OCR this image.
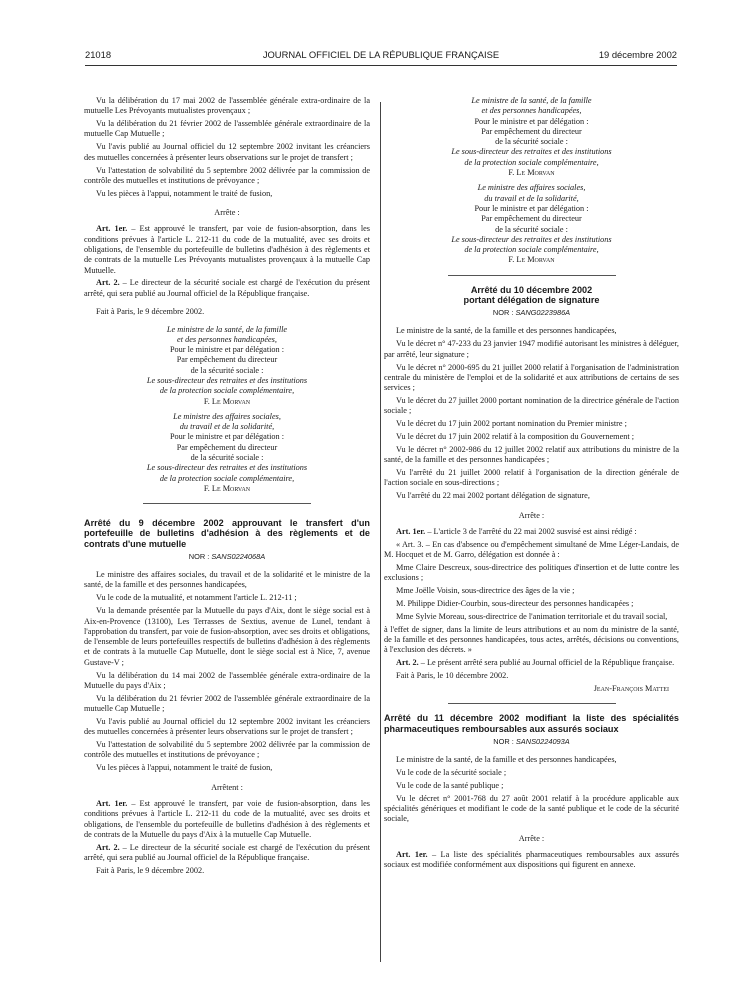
21018	JOURNAL OFFICIEL DE LA RÉPUBLIQUE FRANÇAISE	19 décembre 2002

Vu la délibération du 17 mai 2002 de l'assemblée générale extra-ordinaire de la mutuelle Les Prévoyants mutualistes provençaux ;

Vu la délibération du 21 février 2002 de l'assemblée générale extraordinaire de la mutuelle Cap Mutuelle ;

Vu l'avis publié au Journal officiel du 12 septembre 2002 invitant les créanciers des mutuelles concernées à présenter leurs observations sur le projet de transfert ;

Vu l'attestation de solvabilité du 5 septembre 2002 délivrée par la commission de contrôle des mutuelles et institutions de prévoyance ;

Vu les pièces à l'appui, notamment le traité de fusion,

Arrête :

Art. 1er. – Est approuvé le transfert, par voie de fusion-absorption, dans les conditions prévues à l'article L. 212-11 du code de la mutualité, avec ses droits et obligations, de l'ensemble du portefeuille de bulletins d'adhésion à des règlements et de contrats de la mutuelle Les Prévoyants mutualistes provençaux à la mutuelle Cap Mutuelle.

Art. 2. – Le directeur de la sécurité sociale est chargé de l'exécution du présent arrêté, qui sera publié au Journal officiel de la République française.

Fait à Paris, le 9 décembre 2002.

Le ministre de la santé, de la famille

et des personnes handicapées,

Pour le ministre et par délégation :

Par empêchement du directeur

de la sécurité sociale :

Le sous-directeur des retraites et des institutions

de la protection sociale complémentaire,

F. Le Morvan

Le ministre des affaires sociales,

du travail et de la solidarité,

Pour le ministre et par délégation :

Par empêchement du directeur

de la sécurité sociale :

Le sous-directeur des retraites et des institutions

de la protection sociale complémentaire,

F. Le Morvan

Arrêté du 9 décembre 2002 approuvant le transfert d'un portefeuille de bulletins d'adhésion à des règlements et de contrats d'une mutuelle

NOR : SANS0224068A

Le ministre des affaires sociales, du travail et de la solidarité et le ministre de la santé, de la famille et des personnes handicapées,

Vu le code de la mutualité, et notamment l'article L. 212-11 ;

Vu la demande présentée par la Mutuelle du pays d'Aix, dont le siège social est à Aix-en-Provence (13100), Les Terrasses de Sextius, avenue de Lunel, tendant à l'approbation du transfert, par voie de fusion-absorption, avec ses droits et obligations, de l'ensemble de leurs portefeuilles respectifs de bulletins d'adhésion à des règlements et de contrats à la mutuelle Cap Mutuelle, dont le siège social est à Nice, 7, avenue Gustave-V ;

Vu la délibération du 14 mai 2002 de l'assemblée générale extra-ordinaire de la Mutuelle du pays d'Aix ;

Vu la délibération du 21 février 2002 de l'assemblée générale extraordinaire de la mutuelle Cap Mutuelle ;

Vu l'avis publié au Journal officiel du 12 septembre 2002 invitant les créanciers des mutuelles concernées à présenter leurs observations sur le projet de transfert ;

Vu l'attestation de solvabilité du 5 septembre 2002 délivrée par la commission de contrôle des mutuelles et institutions de prévoyance ;

Vu les pièces à l'appui, notamment le traité de fusion,

Arrêtent :

Art. 1er. – Est approuvé le transfert, par voie de fusion-absorption, dans les conditions prévues à l'article L. 212-11 du code de la mutualité, avec ses droits et obligations, de l'ensemble du portefeuille de bulletins d'adhésion à des règlements et de contrats de la Mutuelle du pays d'Aix à la mutuelle Cap Mutuelle.

Art. 2. – Le directeur de la sécurité sociale est chargé de l'exécution du présent arrêté, qui sera publié au Journal officiel de la République française.

Fait à Paris, le 9 décembre 2002.

Le ministre de la santé, de la famille

et des personnes handicapées,

Pour le ministre et par délégation :

Par empêchement du directeur

de la sécurité sociale :

Le sous-directeur des retraites et des institutions

de la protection sociale complémentaire,

F. Le Morvan

Le ministre des affaires sociales,

du travail et de la solidarité,

Pour le ministre et par délégation :

Par empêchement du directeur

de la sécurité sociale :

Le sous-directeur des retraites et des institutions

de la protection sociale complémentaire,

F. Le Morvan

Arrêté du 10 décembre 2002

portant délégation de signature

NOR : SANG0223986A

Le ministre de la santé, de la famille et des personnes handicapées,

Vu le décret n° 47-233 du 23 janvier 1947 modifié autorisant les ministres à déléguer, par arrêté, leur signature ;

Vu le décret n° 2000-695 du 21 juillet 2000 relatif à l'organisation de l'administration centrale du ministère de l'emploi et de la solidarité et aux attributions de certains de ses services ;

Vu le décret du 27 juillet 2000 portant nomination de la directrice générale de l'action sociale ;

Vu le décret du 17 juin 2002 portant nomination du Premier ministre ;

Vu le décret du 17 juin 2002 relatif à la composition du Gouvernement ;

Vu le décret n° 2002-986 du 12 juillet 2002 relatif aux attributions du ministre de la santé, de la famille et des personnes handicapées ;

Vu l'arrêté du 21 juillet 2000 relatif à l'organisation de la direction générale de l'action sociale en sous-directions ;

Vu l'arrêté du 22 mai 2002 portant délégation de signature,

Arrête :

Art. 1er. – L'article 3 de l'arrêté du 22 mai 2002 susvisé est ainsi rédigé :

« Art. 3. – En cas d'absence ou d'empêchement simultané de Mme Léger-Landais, de M. Hocquet et de M. Garro, délégation est donnée à :

Mme Claire Descreux, sous-directrice des politiques d'insertion et de lutte contre les exclusions ;

Mme Joëlle Voisin, sous-directrice des âges de la vie ;

M. Philippe Didier-Courbin, sous-directeur des personnes handicapées ;

Mme Sylvie Moreau, sous-directrice de l'animation territoriale et du travail social,

à l'effet de signer, dans la limite de leurs attributions et au nom du ministre de la santé, de la famille et des personnes handicapées, tous actes, arrêtés, décisions ou conventions, à l'exclusion des décrets. »

Art. 2. – Le présent arrêté sera publié au Journal officiel de la République française.

Fait à Paris, le 10 décembre 2002.

Jean-François Mattei

Arrêté du 11 décembre 2002 modifiant la liste des spécialités pharmaceutiques remboursables aux assurés sociaux

NOR : SANS0224093A

Le ministre de la santé, de la famille et des personnes handicapées,

Vu le code de la sécurité sociale ;

Vu le code de la santé publique ;

Vu le décret n° 2001-768 du 27 août 2001 relatif à la procédure applicable aux spécialités génériques et modifiant le code de la santé publique et le code de la sécurité sociale,

Arrête :

Art. 1er. – La liste des spécialités pharmaceutiques remboursables aux assurés sociaux est modifiée conformément aux dispositions qui figurent en annexe.
